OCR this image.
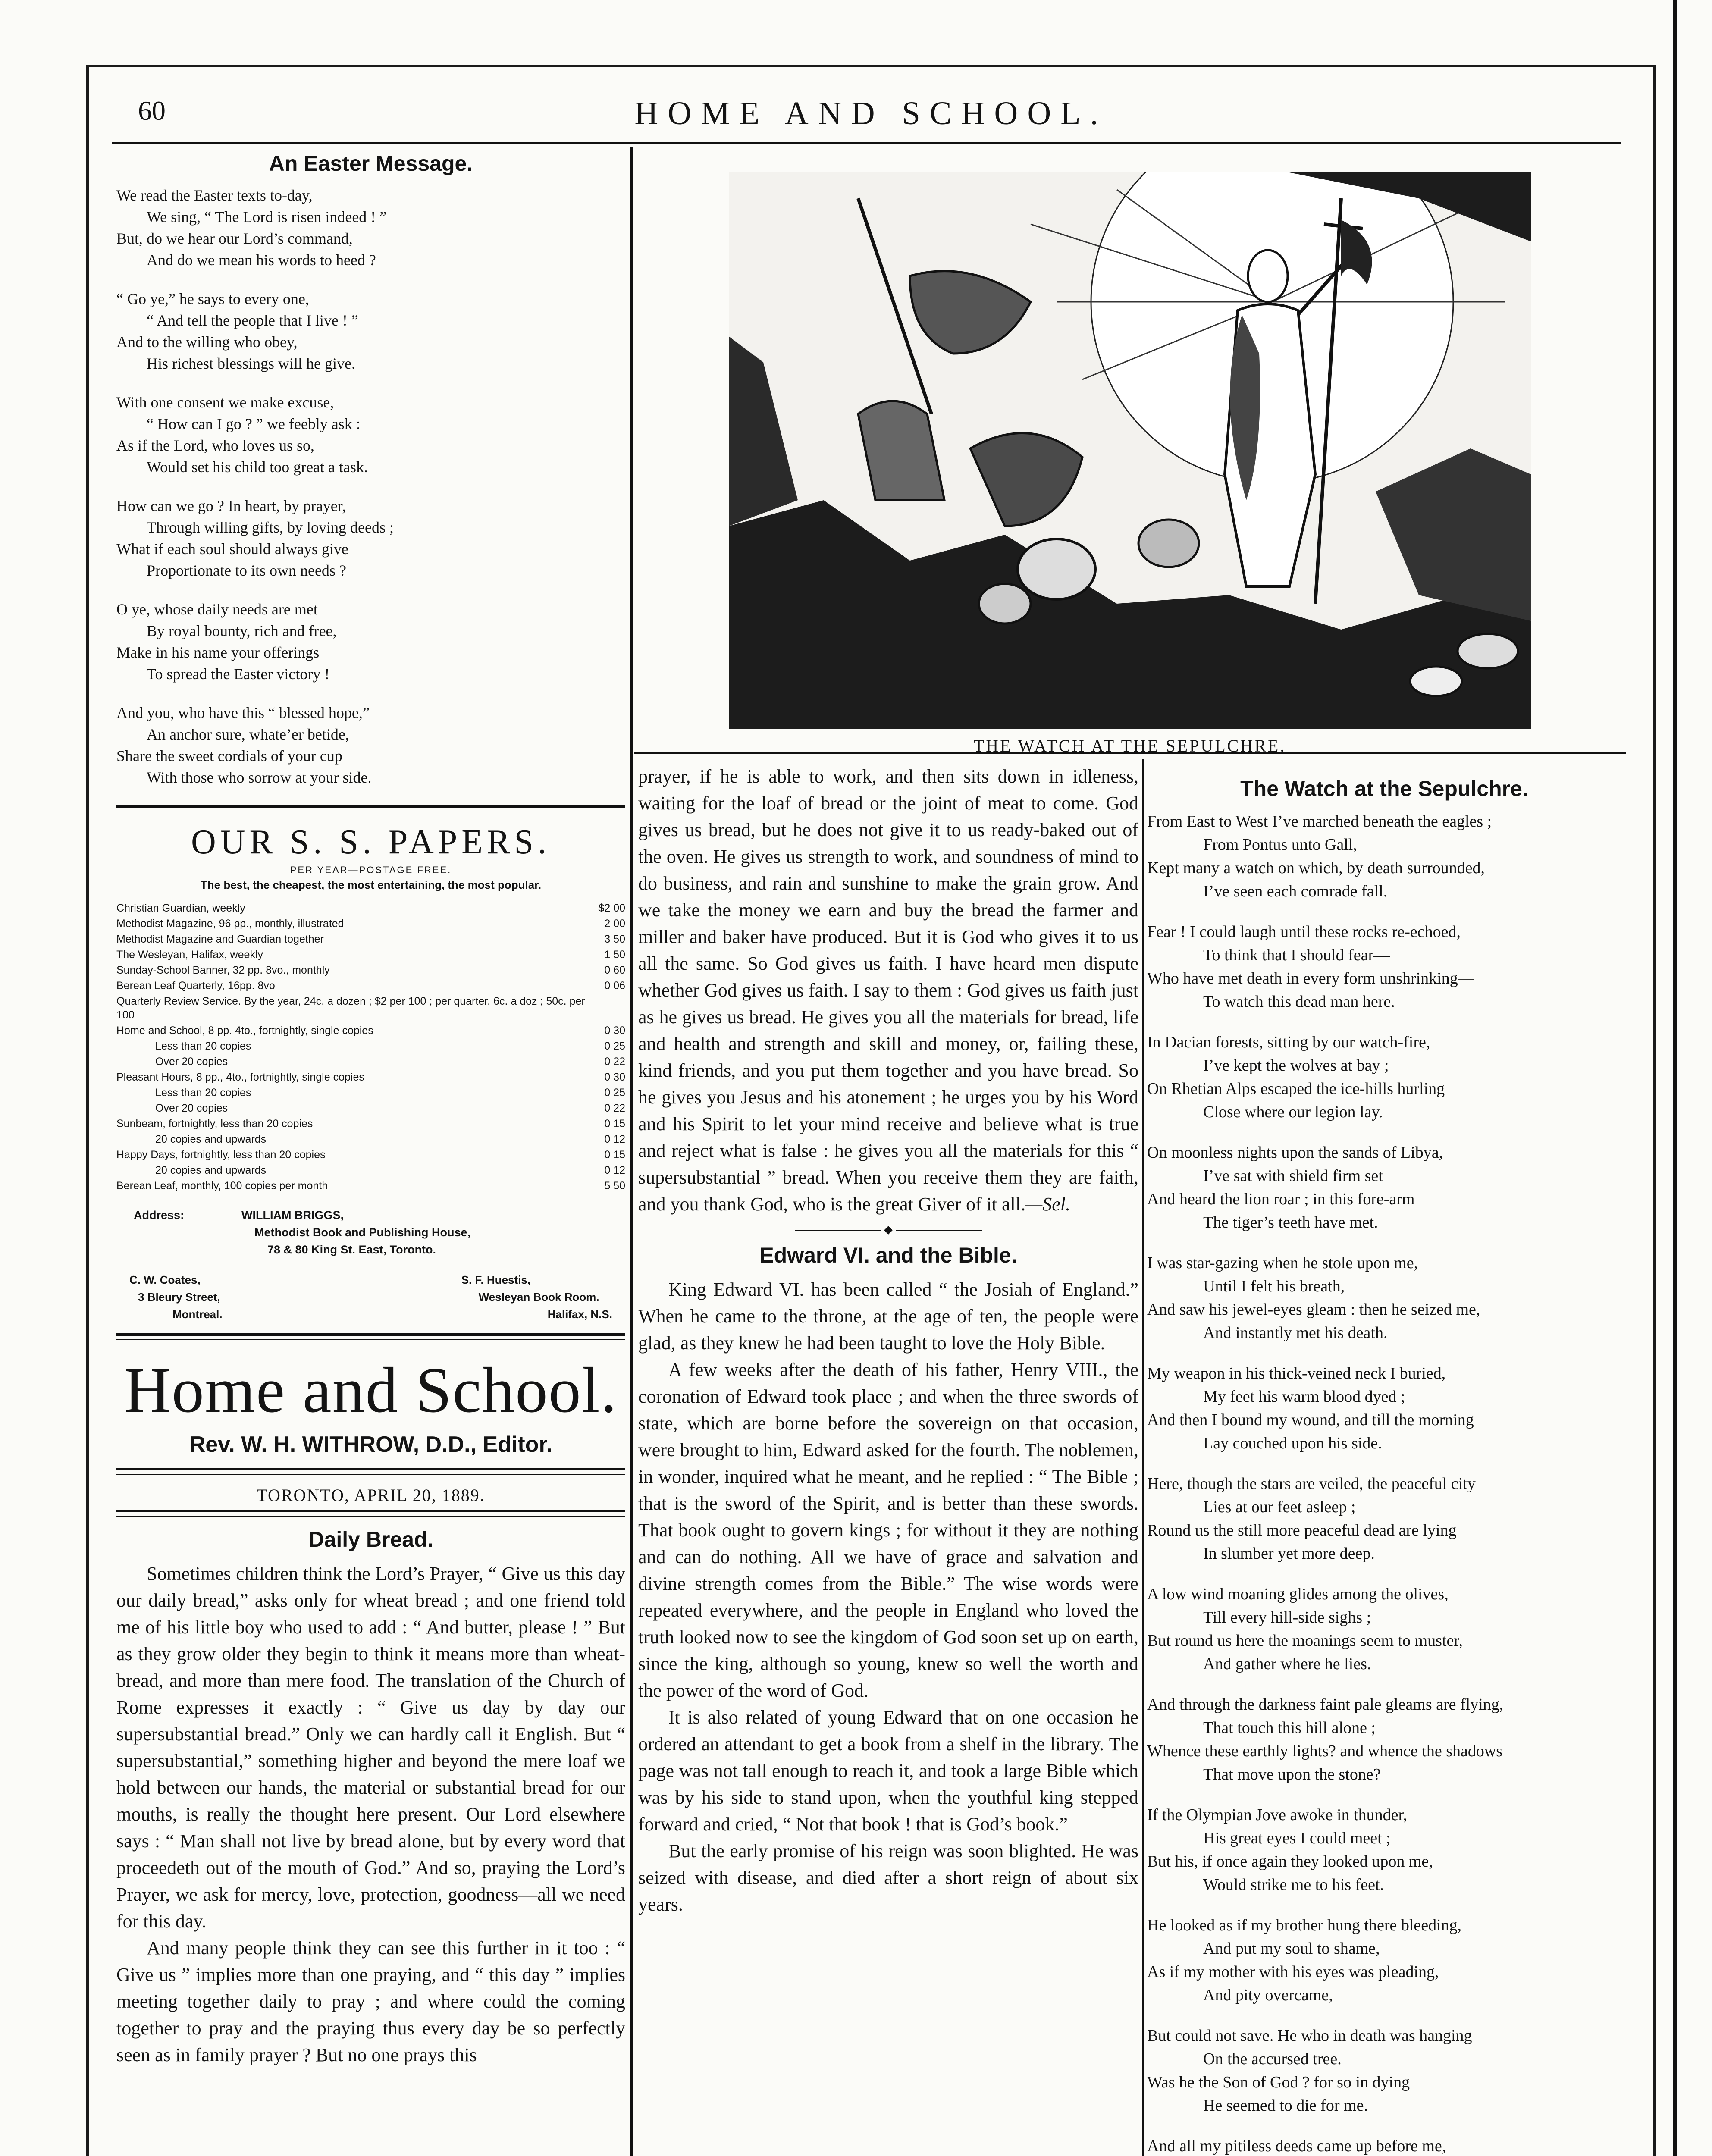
60	HOME AND SCHOOL.
An Easter Message.

We read the Easter texts to-day,
We sing, “ The Lord is risen indeed ! ”
But, do we hear our Lord’s command,
And do we mean his words to heed ?

“ Go ye,” he says to every one,
“ And tell the people that I live ! ”
And to the willing who obey,
His richest blessings will he give.

With one consent we make excuse,
“ How can I go ? ” we feebly ask :
As if the Lord, who loves us so,
Would set his child too great a task.

How can we go ? In heart, by prayer,
Through willing gifts, by loving deeds ;
What if each soul should always give
Proportionate to its own needs ?

O ye, whose daily needs are met
By royal bounty, rich and free,
Make in his name your offerings
To spread the Easter victory !

And you, who have this “ blessed hope,”
An anchor sure, whate’er betide,
Share the sweet cordials of your cup
With those who sorrow at your side.

OUR S. S. PAPERS.
PER YEAR—POSTAGE FREE.
The best, the cheapest, the most entertaining, the most popular.
Christian Guardian, weekly	$2 00
Methodist Magazine, 96 pp., monthly, illustrated	2 00
Methodist Magazine and Guardian together	3 50
The Wesleyan, Halifax, weekly	1 50
Sunday-School Banner, 32 pp. 8vo., monthly	0 60
Berean Leaf Quarterly, 16pp. 8vo	0 06
Quarterly Review Service. By the year, 24c. a dozen ; $2 per 100 ; per quarter, 6c. a doz ; 50c. per 100	
Home and School, 8 pp. 4to., fortnightly, single copies	0 30
Less than 20 copies	0 25
Over 20 copies	0 22
Pleasant Hours, 8 pp., 4to., fortnightly, single copies	0 30
Less than 20 copies	0 25
Over 20 copies	0 22
Sunbeam, fortnightly, less than 20 copies	0 15
20 copies and upwards	0 12
Happy Days, fortnightly, less than 20 copies	0 15
20 copies and upwards	0 12
Berean Leaf, monthly, 100 copies per month	5 50
Address:	WILLIAM BRIGGS,
Methodist Book and Publishing House,
78 & 80 King St. East, Toronto.
C. W. Coates,
3 Bleury Street,
Montreal.
S. F. Huestis,
Wesleyan Book Room.
Halifax, N.S.
Home and School.
Rev. W. H. WITHROW, D.D., Editor.
TORONTO, APRIL 20, 1889.
Daily Bread.

Sometimes children think the Lord’s Prayer, “ Give us this day our daily bread,” asks only for wheat bread ; and one friend told me of his little boy who used to add : “ And butter, please ! ” But as they grow older they begin to think it means more than wheat-bread, and more than mere food. The translation of the Church of Rome expresses it exactly : “ Give us day by day our supersubstantial bread.” Only we can hardly call it English. But “ supersubstantial,” something higher and beyond the mere loaf we hold between our hands, the material or substantial bread for our mouths, is really the thought here present. Our Lord elsewhere says : “ Man shall not live by bread alone, but by every word that proceedeth out of the mouth of God.” And so, praying the Lord’s Prayer, we ask for mercy, love, protection, goodness—all we need for this day.

And many people think they can see this further in it too : “ Give us ” implies more than one praying, and “ this day ” implies meeting together daily to pray ; and where could the coming together to pray and the praying thus every day be so perfectly seen as in family prayer ? But no one prays this

THE WATCH AT THE SEPULCHRE.

prayer, if he is able to work, and then sits down in idleness, waiting for the loaf of bread or the joint of meat to come. God gives us bread, but he does not give it to us ready-baked out of the oven. He gives us strength to work, and soundness of mind to do business, and rain and sunshine to make the grain grow. And we take the money we earn and buy the bread the farmer and miller and baker have produced. But it is God who gives it to us all the same. So God gives us faith. I have heard men dispute whether God gives us faith. I say to them : God gives us faith just as he gives us bread. He gives you all the materials for bread, life and health and strength and skill and money, or, failing these, kind friends, and you put them together and you have bread. So he gives you Jesus and his atonement ; he urges you by his Word and his Spirit to let your mind receive and believe what is true and reject what is false : he gives you all the materials for this “ supersubstantial ” bread. When you receive them they are faith, and you thank God, who is the great Giver of it all.—Sel.

Edward VI. and the Bible.

King Edward VI. has been called “ the Josiah of England.” When he came to the throne, at the age of ten, the people were glad, as they knew he had been taught to love the Holy Bible.

A few weeks after the death of his father, Henry VIII., the coronation of Edward took place ; and when the three swords of state, which are borne before the sovereign on that occasion, were brought to him, Edward asked for the fourth. The noblemen, in wonder, inquired what he meant, and he replied : “ The Bible ; that is the sword of the Spirit, and is better than these swords. That book ought to govern kings ; for without it they are nothing and can do nothing. All we have of grace and salvation and divine strength comes from the Bible.” The wise words were repeated everywhere, and the people in England who loved the truth looked now to see the kingdom of God soon set up on earth, since the king, although so young, knew so well the worth and the power of the word of God.

It is also related of young Edward that on one occasion he ordered an attendant to get a book from a shelf in the library. The page was not tall enough to reach it, and took a large Bible which was by his side to stand upon, when the youthful king stepped forward and cried, “ Not that book ! that is God’s book.”

But the early promise of his reign was soon blighted. He was seized with disease, and died after a short reign of about six years.

The Watch at the Sepulchre.

From East to West I’ve marched beneath the eagles ;
From Pontus unto Gall,
Kept many a watch on which, by death surrounded,
I’ve seen each comrade fall.

Fear ! I could laugh until these rocks re-echoed,
To think that I should fear—
Who have met death in every form unshrinking—
To watch this dead man here.

In Dacian forests, sitting by our watch-fire,
I’ve kept the wolves at bay ;
On Rhetian Alps escaped the ice-hills hurling
Close where our legion lay.

On moonless nights upon the sands of Libya,
I’ve sat with shield firm set
And heard the lion roar ; in this fore-arm
The tiger’s teeth have met.

I was star-gazing when he stole upon me,
Until I felt his breath,
And saw his jewel-eyes gleam : then he seized me,
And instantly met his death.

My weapon in his thick-veined neck I buried,
My feet his warm blood dyed ;
And then I bound my wound, and till the morning
Lay couched upon his side.

Here, though the stars are veiled, the peaceful city
Lies at our feet asleep ;
Round us the still more peaceful dead are lying
In slumber yet more deep.

A low wind moaning glides among the olives,
Till every hill-side sighs ;
But round us here the moanings seem to muster,
And gather where he lies.

And through the darkness faint pale gleams are flying,
That touch this hill alone ;
Whence these earthly lights? and whence the shadows
That move upon the stone?

If the Olympian Jove awoke in thunder,
His great eyes I could meet ;
But his, if once again they looked upon me,
Would strike me to his feet.

He looked as if my brother hung there bleeding,
And put my soul to shame,
As if my mother with his eyes was pleading,
And pity overcame,

But could not save. He who in death was hanging
On the accursed tree.
Was he the Son of God ? for so in dying
He seemed to die for me.

And all my pitiless deeds came up before me,
